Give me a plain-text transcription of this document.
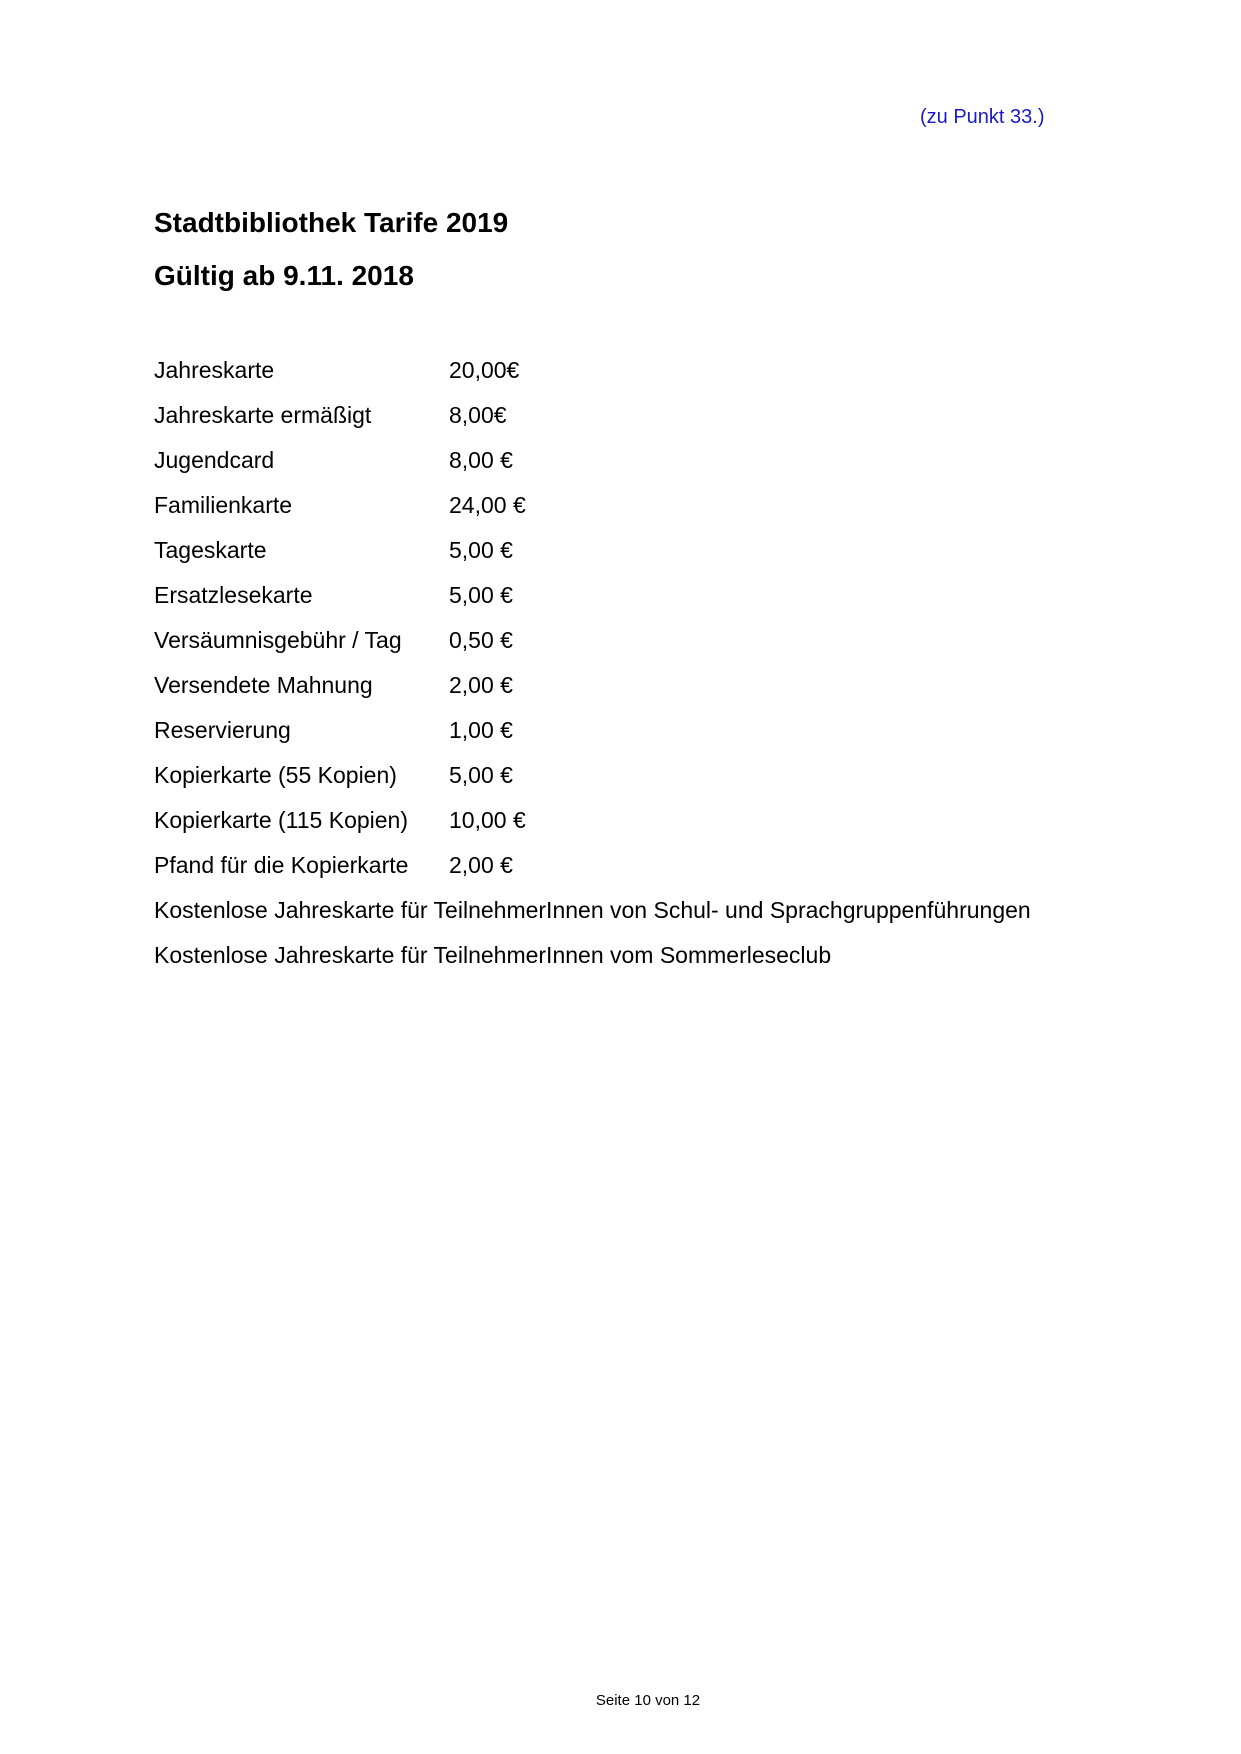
(zu Punkt 33.)
Stadtbibliothek Tarife 2019
Gültig ab 9.11. 2018
Jahreskarte	20,00€
Jahreskarte ermäßigt	8,00€
Jugendcard	8,00 €
Familienkarte	24,00 €
Tageskarte	5,00 €
Ersatzlesekarte	5,00 €
Versäumnisgebühr / Tag 0,50 €
Versendete Mahnung	2,00 €
Reservierung	1,00 €
Kopierkarte (55 Kopien) 5,00 €
Kopierkarte (115 Kopien) 10,00 €
Pfand für die Kopierkarte 2,00 €
Kostenlose Jahreskarte für TeilnehmerInnen von Schul- und Sprachgruppenführungen
Kostenlose Jahreskarte für TeilnehmerInnen vom Sommerleseclub
Seite 10 von 12
